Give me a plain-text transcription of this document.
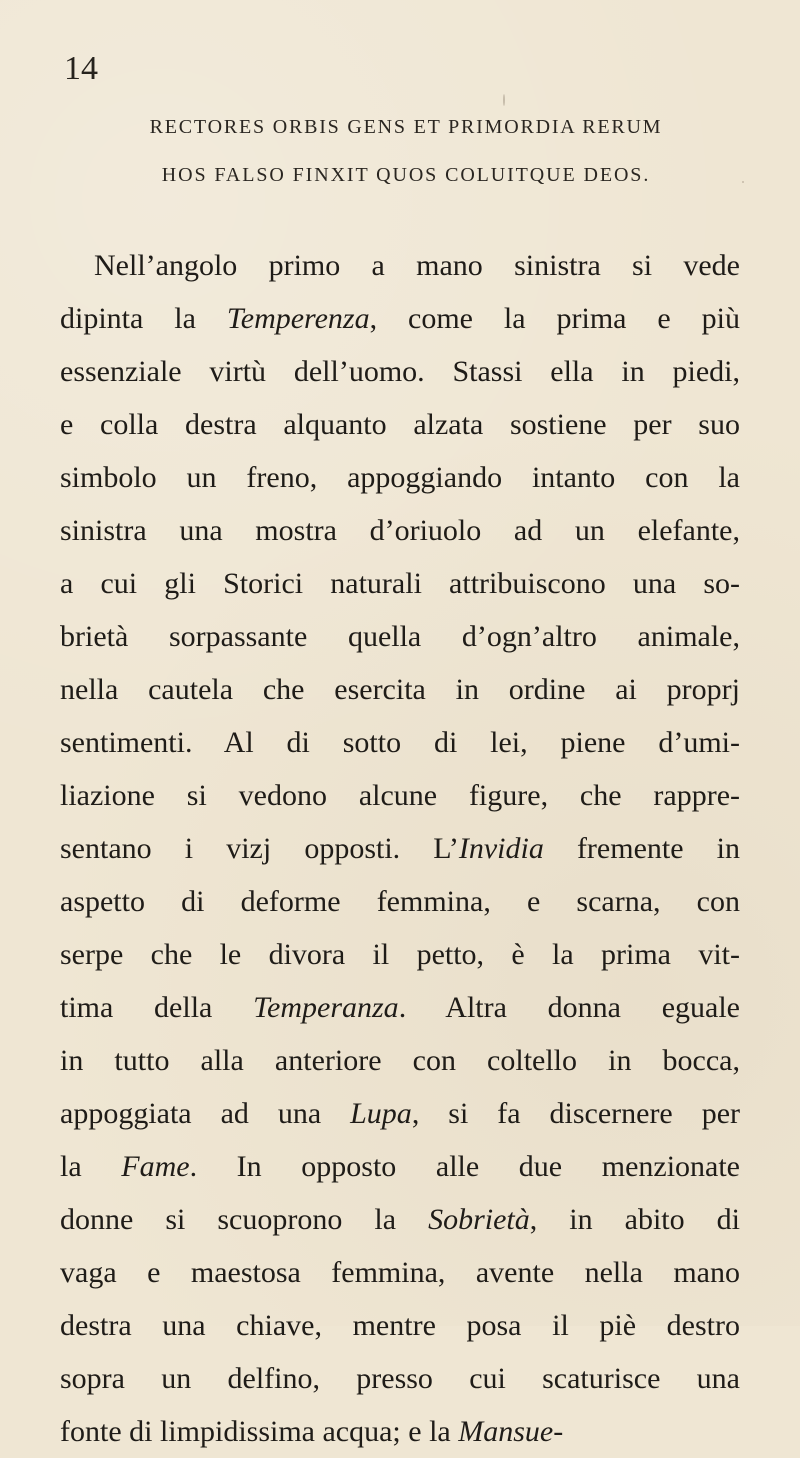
14
RECTORES ORBIS GENS ET PRIMORDIA RERUM
HOS FALSO FINXIT QUOS COLUITQUE DEOS.
Nell’angolo primo a mano sinistra si vede
dipinta la Temperenza, come la prima e più
essenziale virtù dell’uomo. Stassi ella in piedi,
e colla destra alquanto alzata sostiene per suo
simbolo un freno, appoggiando intanto con la
sinistra una mostra d’oriuolo ad un elefante,
a cui gli Storici naturali attribuiscono una so-
brietà sorpassante quella d’ogn’altro animale,
nella cautela che esercita in ordine ai proprj
sentimenti. Al di sotto di lei, piene d’umi-
liazione si vedono alcune figure, che rappre-
sentano i vizj opposti. L’Invidia fremente in
aspetto di deforme femmina, e scarna, con
serpe che le divora il petto, è la prima vit-
tima della Temperanza. Altra donna eguale
in tutto alla anteriore con coltello in bocca,
appoggiata ad una Lupa, si fa discernere per
la Fame. In opposto alle due menzionate
donne si scuoprono la Sobrietà, in abito di
vaga e maestosa femmina, avente nella mano
destra una chiave, mentre posa il piè destro
sopra un delfino, presso cui scaturisce una
fonte di limpidissima acqua; e la Mansue-
